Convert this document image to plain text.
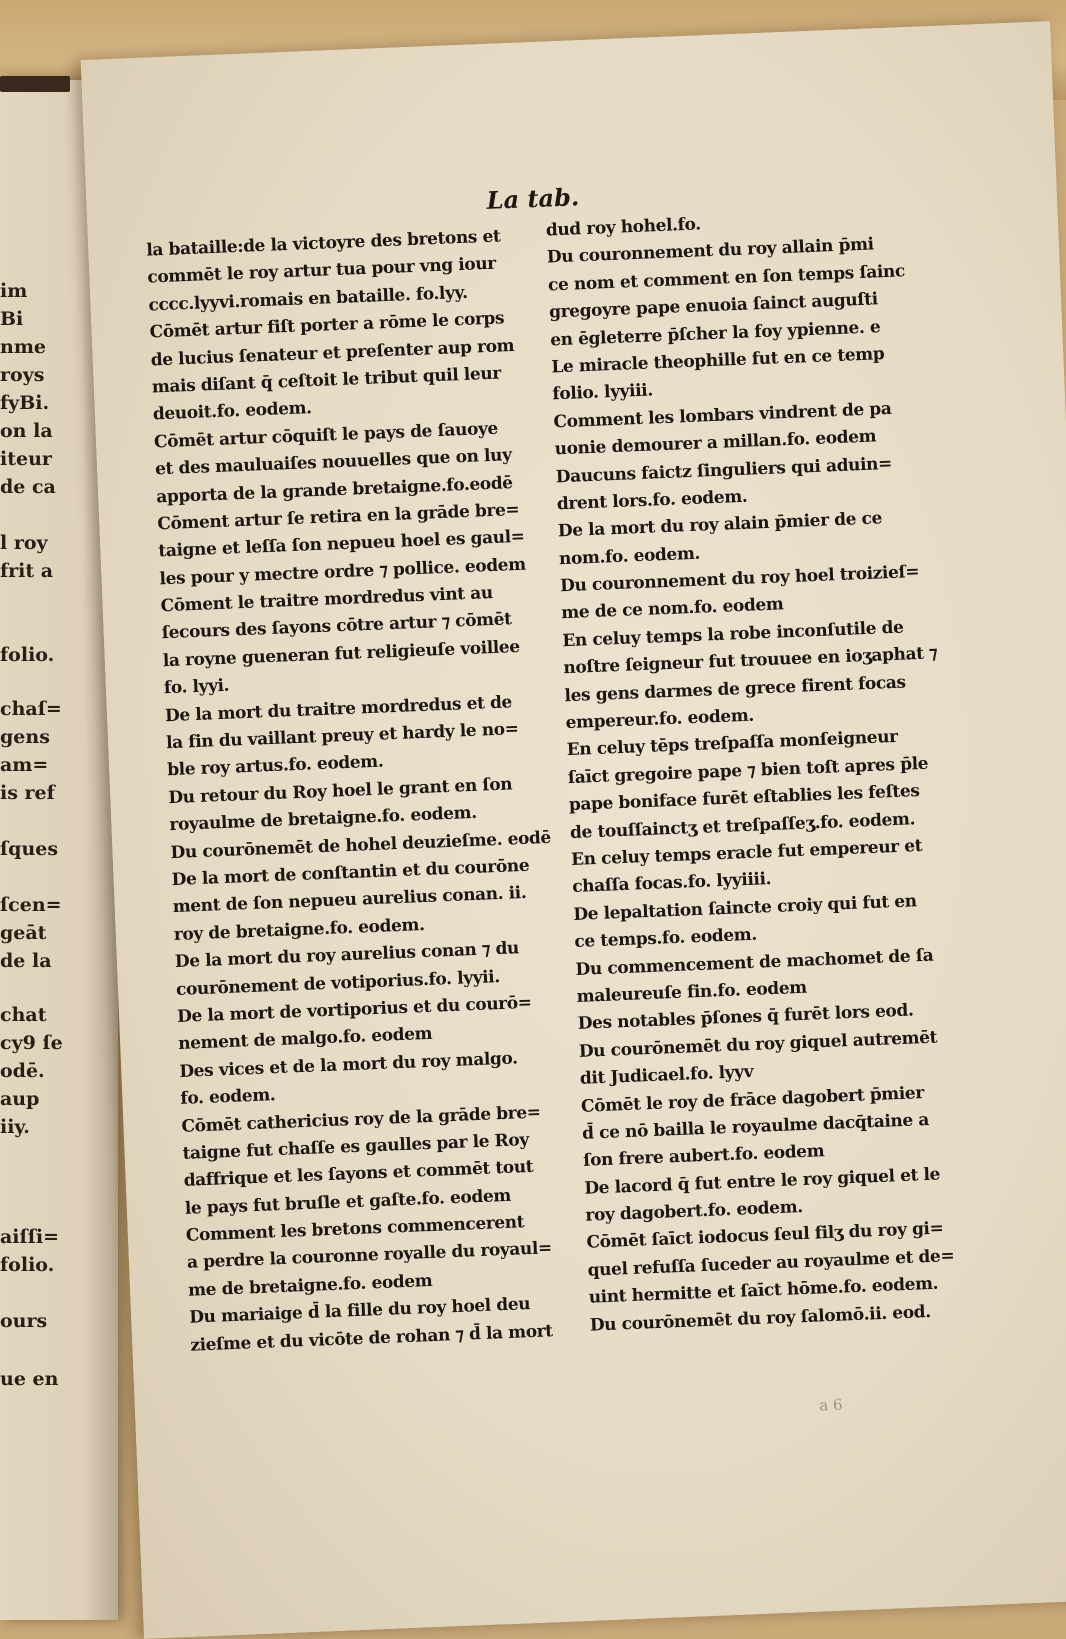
im
Bi
nme
roys
fyBi.
on la
iteur
de ca
l roy
frit a
folio.
chaſ=
gens
am=
is ref
ſques
ſcen=
geāt
de la
chat
cy9 ſe
odē.
aup
iiy.
aiſſi=
folio.
ours
ue en
La tab.
la bataille:de la victoyre des bretons et
commēt le roy artur tua pour vng iour
cccc.lyyvi.romais en bataille. fo.lyy.
Cōmēt artur fiſt porter a rōme le corps
de lucius ſenateur et preſenter aup rom
mais diſant q̄ ceſtoit le tribut quil leur
deuoit.fo. eodem.
Cōmēt artur cōquiſt le pays de ſauoye
et des mauluaiſes nouuelles que on luy
apporta de la grande bretaigne.fo.eodē
Cōment artur ſe retira en la grāde bre=
taigne et leſſa ſon nepueu hoel es gaul=
les pour y mectre ordre ⁊ pollice. eodem
Cōment le traitre mordredus vint au
ſecours des ſayons cōtre artur ⁊ cōmēt
la royne gueneran fut religieuſe voillee
fo. lyyi.
De la mort du traitre mordredus et de
la fin du vaillant preuy et hardy le no=
ble roy artus.fo. eodem.
Du retour du Roy hoel le grant en ſon
royaulme de bretaigne.fo. eodem.
Du courōnemēt de hohel deuzieſme. eodē
De la mort de conſtantin et du courōne
ment de ſon nepueu aurelius conan. ii.
roy de bretaigne.fo. eodem.
De la mort du roy aurelius conan ⁊ du
courōnement de votiporius.fo. lyyii.
De la mort de vortiporius et du courō=
nement de malgo.fo. eodem
Des vices et de la mort du roy malgo.
fo. eodem.
Cōmēt cathericius roy de la grāde bre=
taigne fut chaſſe es gaulles par le Roy
daffrique et les ſayons et commēt tout
le pays fut bruſle et gaſte.fo. eodem
Comment les bretons commencerent
a perdre la couronne royalle du royaul=
me de bretaigne.fo. eodem
Du mariaige d̄ la fille du roy hoel deu
zieſme et du vicōte de rohan ⁊ d̄ la mort
dud roy hohel.fo.
Du couronnement du roy allain p̄mi
ce nom et comment en ſon temps ſainc
gregoyre pape enuoia ſainct auguſti
en ēgleterre p̄ſcher la foy ypienne. e
Le miracle theophille fut en ce temp
folio. lyyiii.
Comment les lombars vindrent de pa
uonie demourer a millan.fo. eodem
Daucuns faictz ſinguliers qui aduin=
drent lors.fo. eodem.
De la mort du roy alain p̄mier de ce
nom.fo. eodem.
Du couronnement du roy hoel troizieſ=
me de ce nom.fo. eodem
En celuy temps la robe inconſutile de
noſtre ſeigneur fut trouuee en ioʒaphat ⁊
les gens darmes de grece firent focas
empereur.fo. eodem.
En celuy tēps treſpaſſa monſeigneur
ſaīct gregoire pape ⁊ bien toſt apres p̄le
pape boniface furēt eſtablies les feſtes
de touſſainctʒ et treſpaſſeʒ.fo. eodem.
En celuy temps eracle fut empereur et
chaſſa focas.fo. lyyiiii.
De lepaltation ſaincte croiy qui fut en
ce temps.fo. eodem.
Du commencement de machomet de ſa
maleureuſe fin.fo. eodem
Des notables p̄ſones q̄ furēt lors eod.
Du courōnemēt du roy giquel autremēt
dit Judicael.fo. lyyv
Cōmēt le roy de frāce dagobert p̄mier
d̄ ce nō bailla le royaulme dacq̄taine a
ſon frere aubert.fo. eodem
De lacord q̄ fut entre le roy giquel et le
roy dagobert.fo. eodem.
Cōmēt ſaīct iodocus ſeul filʒ du roy gi=
quel refuſſa ſuceder au royaulme et de=
uint hermitte et ſaīct hōme.fo. eodem.
Du courōnemēt du roy ſalomō.ii. eod.
a 6
